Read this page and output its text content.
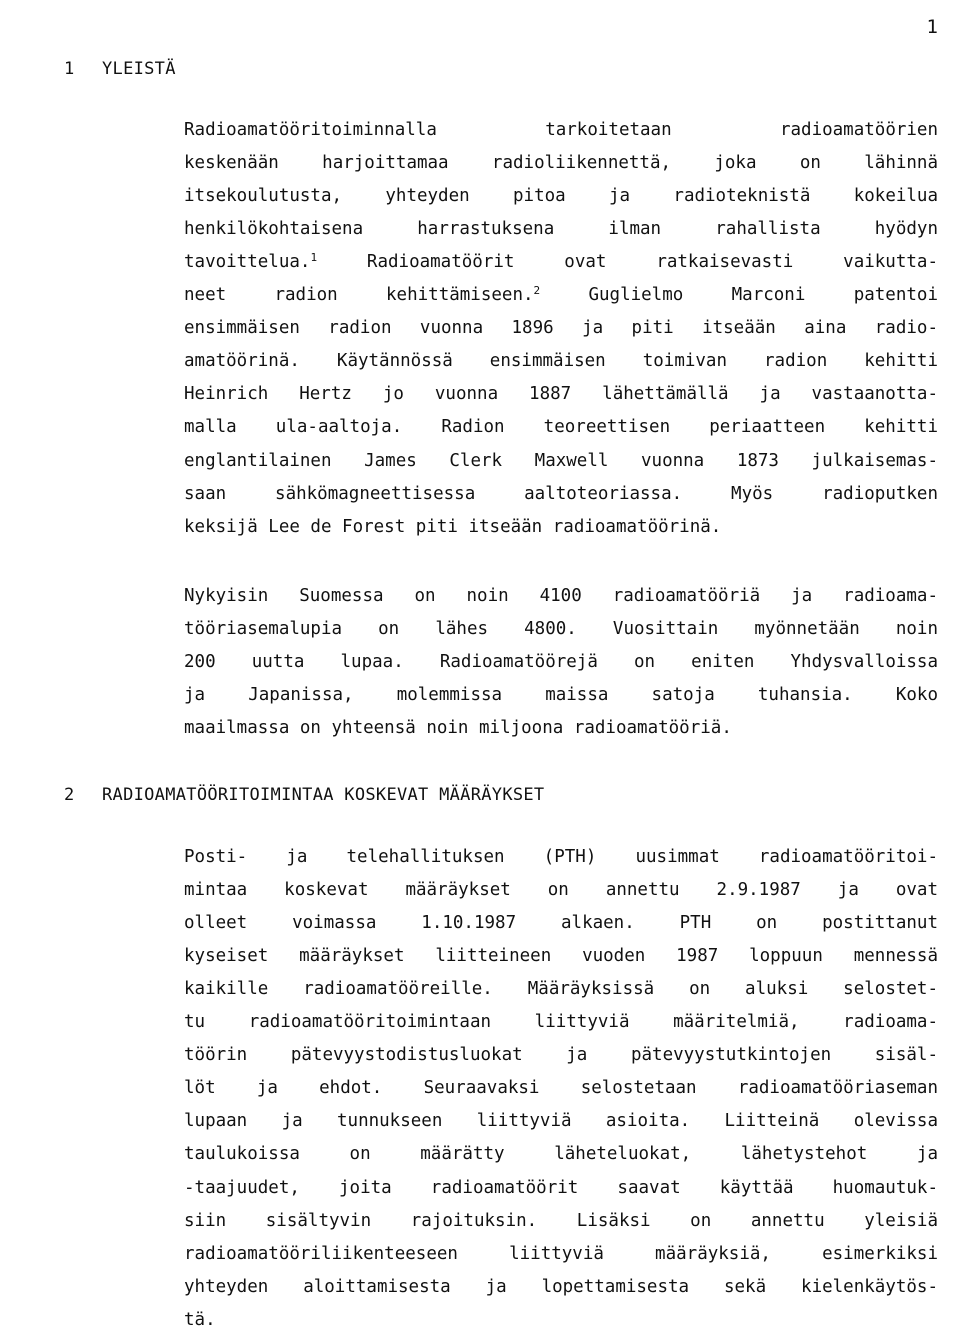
1
1 YLEISTÄ
2 RADIOAMATÖÖRITOIMINTAA KOSKEVAT MÄÄRÄYKSET
Radioamatööritoiminnalla tarkoitetaan radioamatöörien
keskenään harjoittamaa radioliikennettä, joka on lähinnä
itsekoulutusta, yhteyden pitoa ja radioteknistä kokeilua
henkilökohtaisena harrastuksena ilman rahallista hyödyn
tavoittelua.$^1$ Radioamatöörit ovat ratkaisevasti vaikutta-
neet radion kehittämiseen.$^2$ Guglielmo Marconi patentoi
ensimmäisen radion vuonna 1896 ja piti itseään aina radio-
amatöörinä. Käytännössä ensimmäisen toimivan radion kehitti
Heinrich Hertz jo vuonna 1887 lähettämällä ja vastaanotta-
malla ula-aaltoja. Radion teoreettisen periaatteen kehitti
englantilainen James Clerk Maxwell vuonna 1873 julkaisemas-
saan sähkömagneettisessa aaltoteoriassa. Myös radioputken
keksijä Lee de Forest piti itseään radioamatöörinä.
Nykyisin Suomessa on noin 4100 radioamatööriä ja radioama-
tööriasemalupia on lähes 4800. Vuosittain myönnetään noin
200 uutta lupaa. Radioamatöörejä on eniten Yhdysvalloissa
ja Japanissa, molemmissa maissa satoja tuhansia. Koko
maailmassa on yhteensä noin miljoona radioamatööriä.
Posti- ja telehallituksen (PTH) uusimmat radioamatööritoi-
mintaa koskevat määräykset on annettu 2.9.1987 ja ovat
olleet voimassa 1.10.1987 alkaen. PTH on postittanut
kyseiset määräykset liitteineen vuoden 1987 loppuun mennessä
kaikille radioamatööreille. Määräyksissä on aluksi selostet-
tu radioamatööritoimintaan liittyviä määritelmiä, radioama-
töörin pätevyystodistusluokat ja pätevyystutkintojen sisäl-
löt ja ehdot. Seuraavaksi selostetaan radioamatööriaseman
lupaan ja tunnukseen liittyviä asioita. Liitteinä olevissa
taulukoissa on määrätty läheteluokat, lähetystehot ja
-taajuudet, joita radioamatöörit saavat käyttää huomautuk-
siin sisältyvin rajoituksin. Lisäksi on annettu yleisiä
radioamatööriliikenteeseen liittyviä määräyksiä, esimerkiksi
yhteyden aloittamisesta ja lopettamisesta sekä kielenkäytös-
tä.
